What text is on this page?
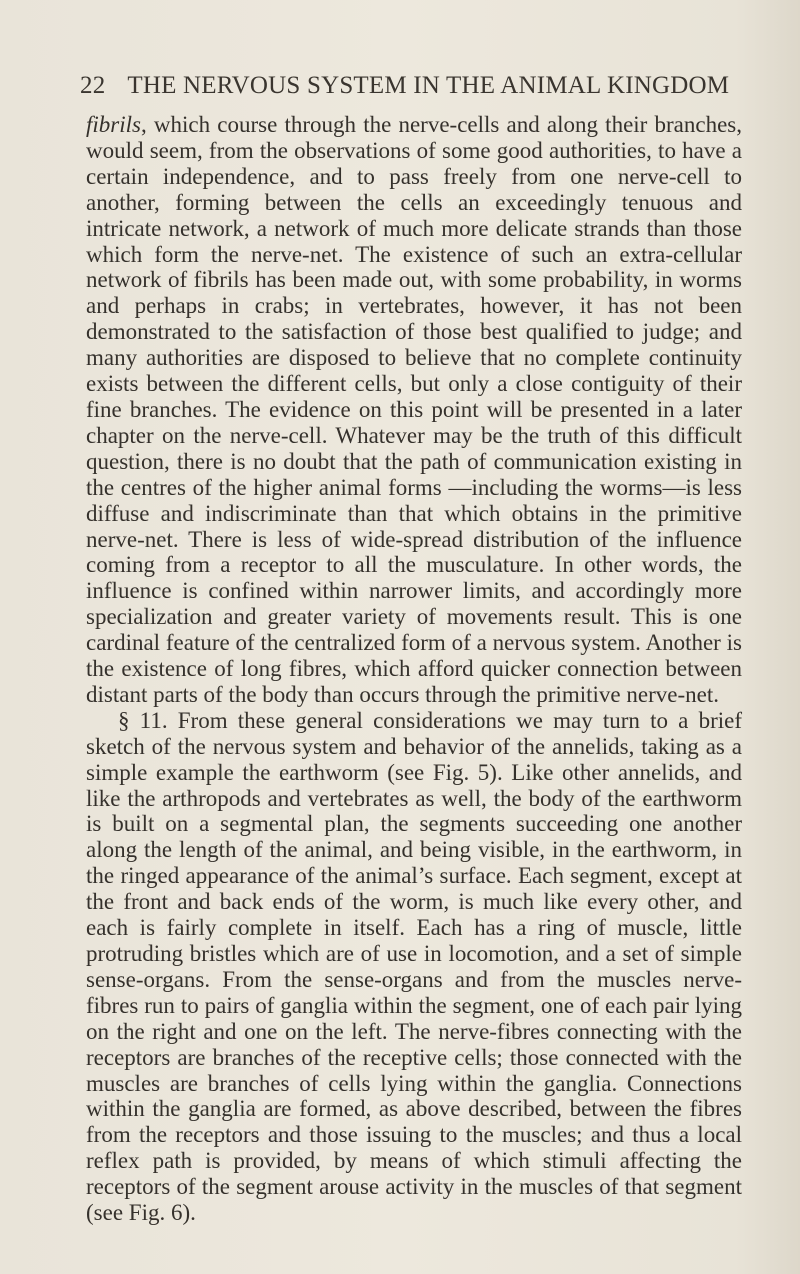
22 THE NERVOUS SYSTEM IN THE ANIMAL KINGDOM

fibrils, which course through the nerve-cells and along their branches, would seem, from the observations of some good authorities, to have a certain independence, and to pass freely from one nerve-cell to another, forming between the cells an exceedingly tenuous and intricate network, a network of much more delicate strands than those which form the nerve-net. The existence of such an extra-cellular network of fibrils has been made out, with some probability, in worms and perhaps in crabs; in vertebrates, however, it has not been demonstrated to the satisfaction of those best qualified to judge; and many authorities are disposed to believe that no complete continuity exists between the different cells, but only a close contiguity of their fine branches. The evidence on this point will be presented in a later chapter on the nerve-cell. Whatever may be the truth of this difficult question, there is no doubt that the path of communication existing in the centres of the higher animal forms —including the worms—is less diffuse and indiscriminate than that which obtains in the primitive nerve-net. There is less of wide-spread distribution of the influence coming from a receptor to all the musculature. In other words, the influence is confined within narrower limits, and accordingly more specialization and greater variety of movements result. This is one cardinal feature of the centralized form of a nervous system. Another is the existence of long fibres, which afford quicker connection between distant parts of the body than occurs through the primitive nerve-net.

§ 11. From these general considerations we may turn to a brief sketch of the nervous system and behavior of the annelids, taking as a simple example the earthworm (see Fig. 5). Like other annelids, and like the arthropods and vertebrates as well, the body of the earthworm is built on a segmental plan, the segments succeeding one another along the length of the animal, and being visible, in the earthworm, in the ringed appearance of the animal’s surface. Each segment, except at the front and back ends of the worm, is much like every other, and each is fairly complete in itself. Each has a ring of muscle, little protruding bristles which are of use in locomotion, and a set of simple sense-organs. From the sense-organs and from the muscles nerve-fibres run to pairs of ganglia within the segment, one of each pair lying on the right and one on the left. The nerve-fibres connecting with the receptors are branches of the receptive cells; those connected with the muscles are branches of cells lying within the ganglia. Connections within the ganglia are formed, as above described, between the fibres from the receptors and those issuing to the muscles; and thus a local reflex path is provided, by means of which stimuli affecting the receptors of the segment arouse activity in the muscles of that segment (see Fig. 6).
